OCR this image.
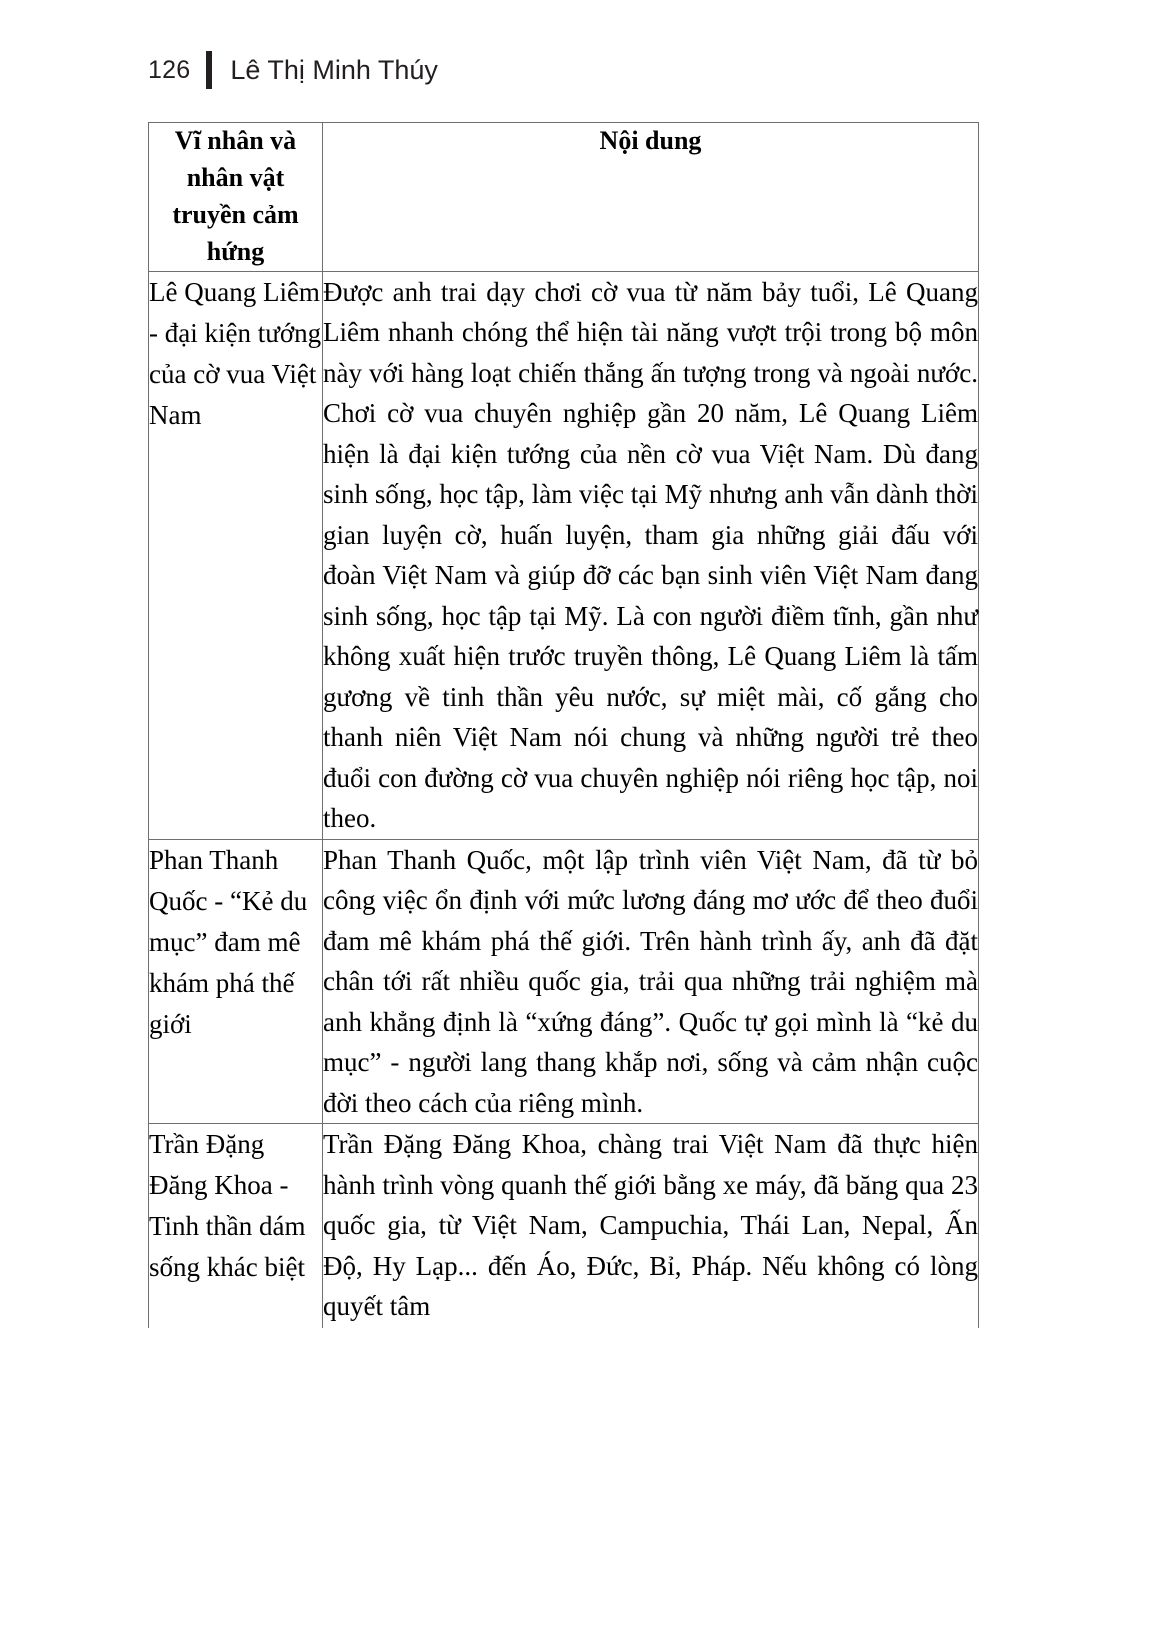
126 Lê Thị Minh Thúy
Vĩ nhân và nhân vật truyền cảm hứng	Nội dung
Lê Quang Liêm - đại kiện tướng của cờ vua Việt Nam	Được anh trai dạy chơi cờ vua từ năm bảy tuổi, Lê Quang Liêm nhanh chóng thể hiện tài năng vượt trội trong bộ môn này với hàng loạt chiến thắng ấn tượng trong và ngoài nước. Chơi cờ vua chuyên nghiệp gần 20 năm, Lê Quang Liêm hiện là đại kiện tướng của nền cờ vua Việt Nam. Dù đang sinh sống, học tập, làm việc tại Mỹ nhưng anh vẫn dành thời gian luyện cờ, huấn luyện, tham gia những giải đấu với đoàn Việt Nam và giúp đỡ các bạn sinh viên Việt Nam đang sinh sống, học tập tại Mỹ. Là con người điềm tĩnh, gần như không xuất hiện trước truyền thông, Lê Quang Liêm là tấm gương về tinh thần yêu nước, sự miệt mài, cố gắng cho thanh niên Việt Nam nói chung và những người trẻ theo đuổi con đường cờ vua chuyên nghiệp nói riêng học tập, noi theo.
Phan Thanh Quốc - “Kẻ du mục” đam mê khám phá thế giới	Phan Thanh Quốc, một lập trình viên Việt Nam, đã từ bỏ công việc ổn định với mức lương đáng mơ ước để theo đuổi đam mê khám phá thế giới. Trên hành trình ấy, anh đã đặt chân tới rất nhiều quốc gia, trải qua những trải nghiệm mà anh khẳng định là “xứng đáng”. Quốc tự gọi mình là “kẻ du mục” - người lang thang khắp nơi, sống và cảm nhận cuộc đời theo cách của riêng mình.
Trần Đặng Đăng Khoa - Tinh thần dám sống khác biệt	Trần Đặng Đăng Khoa, chàng trai Việt Nam đã thực hiện hành trình vòng quanh thế giới bằng xe máy, đã băng qua 23 quốc gia, từ Việt Nam, Campuchia, Thái Lan, Nepal, Ấn Độ, Hy Lạp... đến Áo, Đức, Bỉ, Pháp. Nếu không có lòng quyết tâm
